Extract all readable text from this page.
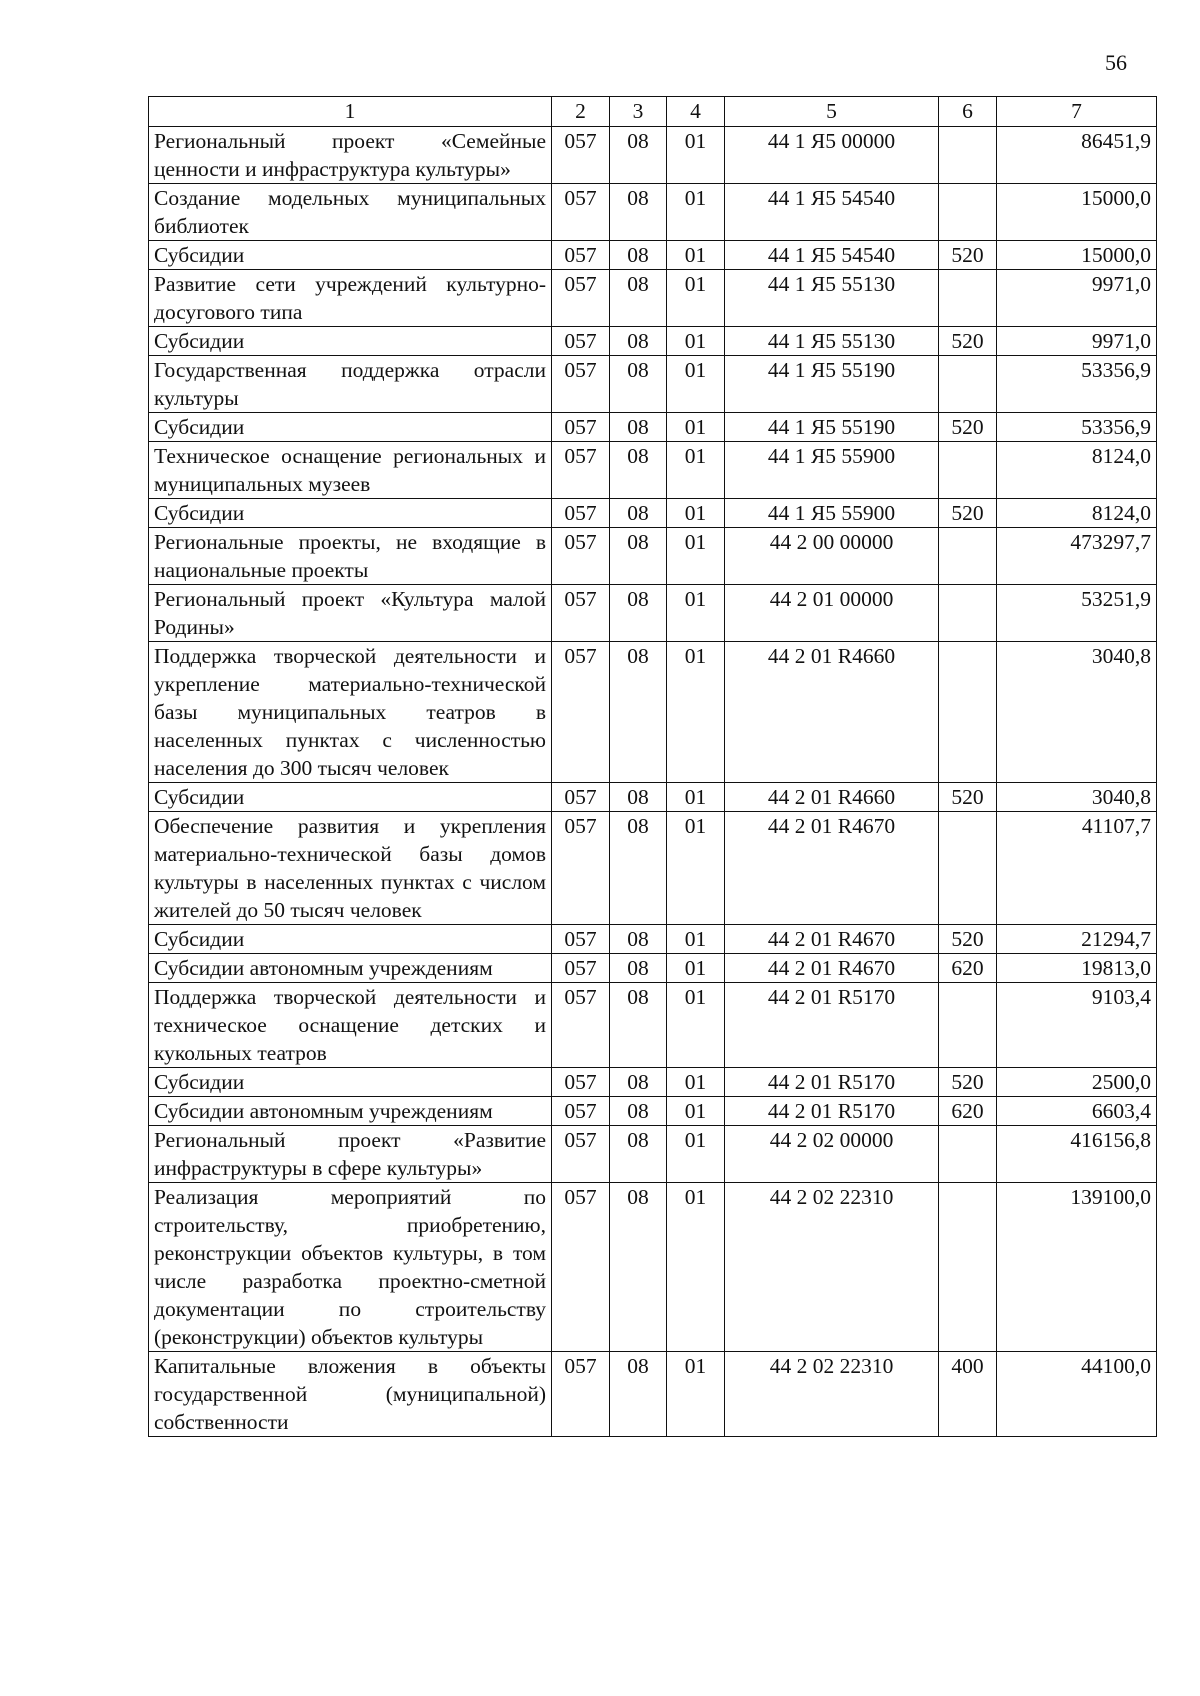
56
1	2	3	4	5	6	7
Региональный проект «Семейные ценности и инфраструктура культуры»	057	08	01	44 1 Я5 00000		86451,9
Создание модельных муниципальных библиотек	057	08	01	44 1 Я5 54540		15000,0
Субсидии	057	08	01	44 1 Я5 54540	520	15000,0
Развитие сети учреждений культурно-досугового типа	057	08	01	44 1 Я5 55130		9971,0
Субсидии	057	08	01	44 1 Я5 55130	520	9971,0
Государственная поддержка отрасли культуры	057	08	01	44 1 Я5 55190		53356,9
Субсидии	057	08	01	44 1 Я5 55190	520	53356,9
Техническое оснащение региональных и муниципальных музеев	057	08	01	44 1 Я5 55900		8124,0
Субсидии	057	08	01	44 1 Я5 55900	520	8124,0
Региональные проекты, не входящие в национальные проекты	057	08	01	44 2 00 00000		473297,7
Региональный проект «Культура малой Родины»	057	08	01	44 2 01 00000		53251,9
Поддержка творческой деятельности и укрепление материально-технической базы муниципальных театров в населенных пунктах с численностью населения до 300 тысяч человек	057	08	01	44 2 01 R4660		3040,8
Субсидии	057	08	01	44 2 01 R4660	520	3040,8
Обеспечение развития и укрепления материально-технической базы домов культуры в населенных пунктах с числом жителей до 50 тысяч человек	057	08	01	44 2 01 R4670		41107,7
Субсидии	057	08	01	44 2 01 R4670	520	21294,7
Субсидии автономным учреждениям	057	08	01	44 2 01 R4670	620	19813,0
Поддержка творческой деятельности и техническое оснащение детских и кукольных театров	057	08	01	44 2 01 R5170		9103,4
Субсидии	057	08	01	44 2 01 R5170	520	2500,0
Субсидии автономным учреждениям	057	08	01	44 2 01 R5170	620	6603,4
Региональный проект «Развитие инфраструктуры в сфере культуры»	057	08	01	44 2 02 00000		416156,8
Реализация мероприятий по строительству, приобретению, реконструкции объектов культуры, в том числе разработка проектно-сметной документации по строительству (реконструкции) объектов культуры	057	08	01	44 2 02 22310		139100,0
Капитальные вложения в объекты государственной (муниципальной) собственности	057	08	01	44 2 02 22310	400	44100,0
